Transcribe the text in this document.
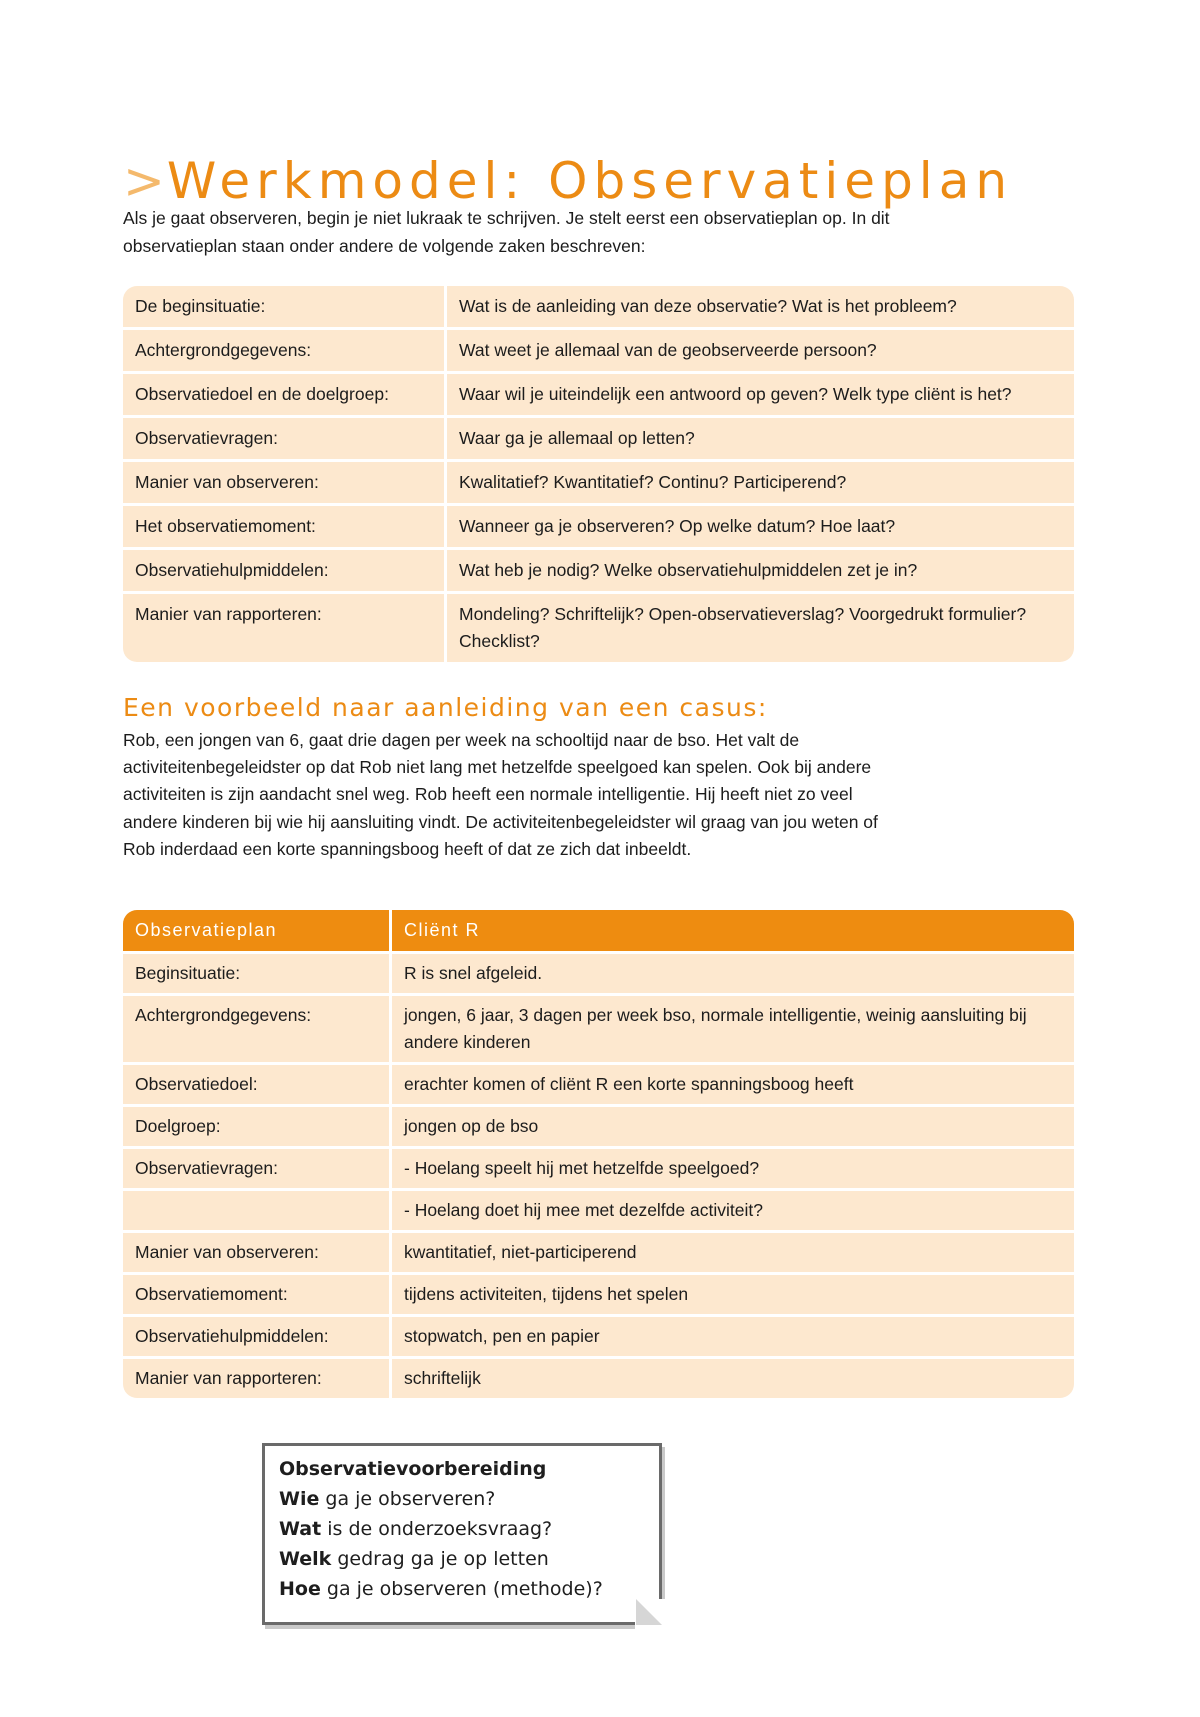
>Werkmodel: Observatieplan

Als je gaat observeren, begin je niet lukraak te schrijven. Je stelt eerst een observatieplan op. In dit observatieplan staan onder andere de volgende zaken beschreven:

De beginsituatie:	Wat is de aanleiding van deze observatie? Wat is het probleem?
Achtergrondgegevens:	Wat weet je allemaal van de geobserveerde persoon?
Observatiedoel en de doelgroep:	Waar wil je uiteindelijk een antwoord op geven? Welk type cliënt is het?
Observatievragen:	Waar ga je allemaal op letten?
Manier van observeren:	Kwalitatief? Kwantitatief? Continu? Participerend?
Het observatiemoment:	Wanneer ga je observeren? Op welke datum? Hoe laat?
Observatiehulpmiddelen:	Wat heb je nodig? Welke observatiehulpmiddelen zet je in?
Manier van rapporteren:	Mondeling? Schriftelijk? Open-observatieverslag? Voorgedrukt formulier? Checklist?
Een voorbeeld naar aanleiding van een casus:

Rob, een jongen van 6, gaat drie dagen per week na schooltijd naar de bso. Het valt de activiteitenbegeleidster op dat Rob niet lang met hetzelfde speelgoed kan spelen. Ook bij andere activiteiten is zijn aandacht snel weg. Rob heeft een normale intelligentie. Hij heeft niet zo veel andere kinderen bij wie hij aansluiting vindt. De activiteitenbegeleidster wil graag van jou weten of Rob inderdaad een korte spanningsboog heeft of dat ze zich dat inbeeldt.

Observatieplan	Cliënt R
Beginsituatie:	R is snel afgeleid.
Achtergrondgegevens:	jongen, 6 jaar, 3 dagen per week bso, normale intelligentie, weinig aansluiting bij andere kinderen
Observatiedoel:	erachter komen of cliënt R een korte spanningsboog heeft
Doelgroep:	jongen op de bso
Observatievragen:	- Hoelang speelt hij met hetzelfde speelgoed?
	- Hoelang doet hij mee met dezelfde activiteit?
Manier van observeren:	kwantitatief, niet-participerend
Observatiemoment:	tijdens activiteiten, tijdens het spelen
Observatiehulpmiddelen:	stopwatch, pen en papier
Manier van rapporteren:	schriftelijk
Observatievoorbereiding
Wie ga je observeren?
Wat is de onderzoeksvraag?
Welk gedrag ga je op letten
Hoe ga je observeren (methode)?
